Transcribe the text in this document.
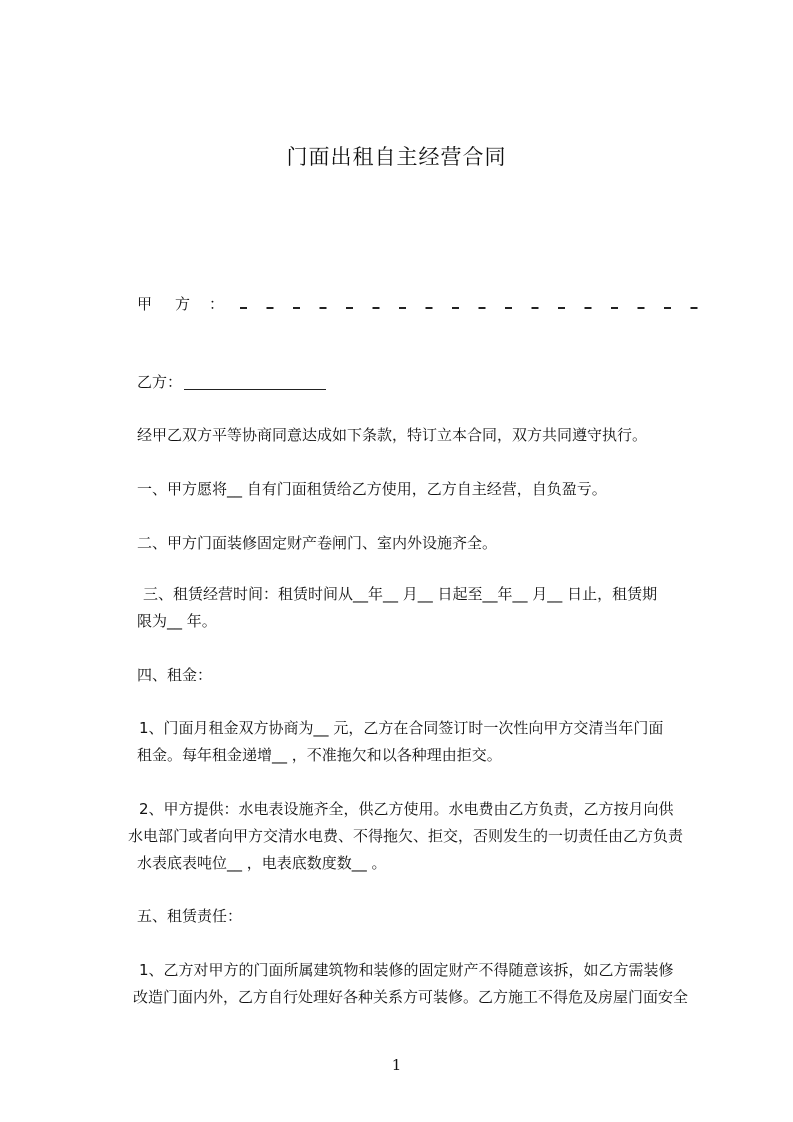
门面出租自主经营合同
甲 方 ：
乙方：
经甲乙双方平等协商同意达成如下条款，特订立本合同，双方共同遵守执行。
一、甲方愿将__ 自有门面租赁给乙方使用，乙方自主经营，自负盈亏。
二、甲方门面装修固定财产卷闸门、室内外设施齐全。
三、租赁经营时间：租赁时间从__年__ 月__ 日起至__年__ 月__ 日止，租赁期
限为__ 年。
四、租金：
1、门面月租金双方协商为__ 元，乙方在合同签订时一次性向甲方交清当年门面
租金。每年租金递增__ ，不准拖欠和以各种理由拒交。
2、甲方提供：水电表设施齐全，供乙方使用。水电费由乙方负责，乙方按月向供
水电部门或者向甲方交清水电费、不得拖欠、拒交，否则发生的一切责任由乙方负责
水表底表吨位__ ，电表底数度数__ 。
五、租赁责任：
1、乙方对甲方的门面所属建筑物和装修的固定财产不得随意该拆，如乙方需装修
改造门面内外，乙方自行处理好各种关系方可装修。乙方施工不得危及房屋门面安全
1
